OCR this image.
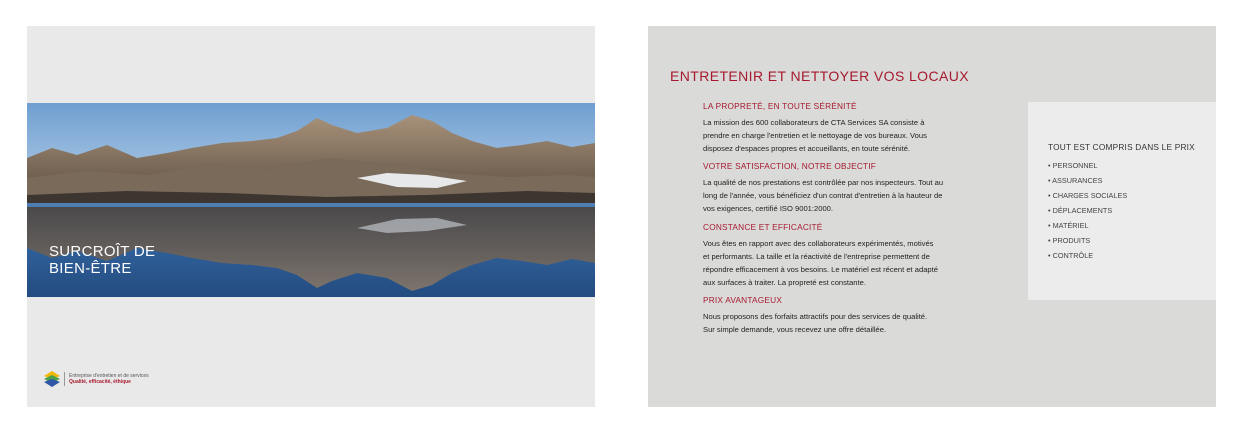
SURCROÎT DE
BIEN-ÊTRE
Entreprise d'entretien et de services
Qualité, efficacité, éthique
ENTRETENIR ET NETTOYER VOS LOCAUX
LA PROPRETÉ, EN TOUTE SÉRÉNITÉ

La mission des 600 collaborateurs de CTA Services SA consiste à
prendre en charge l'entretien et le nettoyage de vos bureaux. Vous
disposez d'espaces propres et accueillants, en toute sérénité.

VOTRE SATISFACTION, NOTRE OBJECTIF

La qualité de nos prestations est contrôlée par nos inspecteurs. Tout au
long de l'année, vous bénéficiez d'un contrat d'entretien à la hauteur de
vos exigences, certifié ISO 9001:2000.

CONSTANCE ET EFFICACITÉ

Vous êtes en rapport avec des collaborateurs expérimentés, motivés
et performants. La taille et la réactivité de l'entreprise permettent de
répondre efficacement à vos besoins. Le matériel est récent et adapté
aux surfaces à traiter. La propreté est constante.

PRIX AVANTAGEUX

Nous proposons des forfaits attractifs pour des services de qualité.
Sur simple demande, vous recevez une offre détaillée.

TOUT EST COMPRIS DANS LE PRIX
• PERSONNEL
• ASSURANCES
• CHARGES SOCIALES
• DÉPLACEMENTS
• MATÉRIEL
• PRODUITS
• CONTRÔLE
